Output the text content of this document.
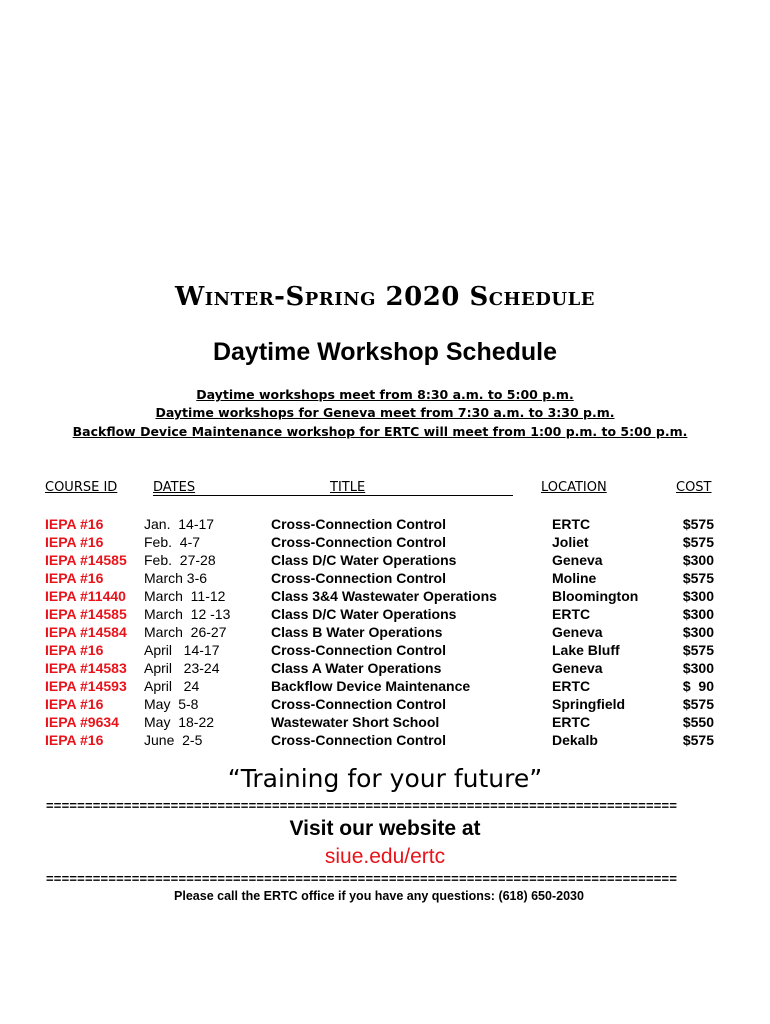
Winter-Spring 2020 Schedule
Daytime Workshop Schedule
Daytime workshops meet from 8:30 a.m. to 5:00 p.m.
Daytime workshops for Geneva meet from 7:30 a.m. to 3:30 p.m.
Backflow Device Maintenance workshop for ERTC will meet from 1:00 p.m. to 5:00 p.m.
COURSE ID	DATES	TITLE	LOCATION	COST
IEPA #16	Jan.  14-17	Cross-Connection Control	ERTC	$575
IEPA #16	Feb.  4-7	Cross-Connection Control	Joliet	$575
IEPA #14585 Feb.  27-28	Class D/C Water Operations	Geneva	$300
IEPA #16	March 3-6	Cross-Connection Control	Moline	$575
IEPA #11440 March  11-12	Class 3&4 Wastewater Operations	Bloomington	$300
IEPA #14585 March  12 -13	Class D/C Water Operations	ERTC	$300
IEPA #14584 March  26-27	Class B Water Operations	Geneva	$300
IEPA #16	April   14-17	Cross-Connection Control	Lake Bluff	$575
IEPA #14583 April   23-24	Class A Water Operations	Geneva	$300
IEPA #14593 April   24	Backflow Device Maintenance	ERTC	$  90
IEPA #16	May  5-8	Cross-Connection Control	Springfield	$575
IEPA #9634 May  18-22	Wastewater Short School	ERTC	$550
IEPA #16	June  2-5	Cross-Connection Control	Dekalb	$575
“Training for your future”
=================================================================================
Visit our website at
siue.edu/ertc
=================================================================================
Please call the ERTC office if you have any questions: (618) 650-2030
